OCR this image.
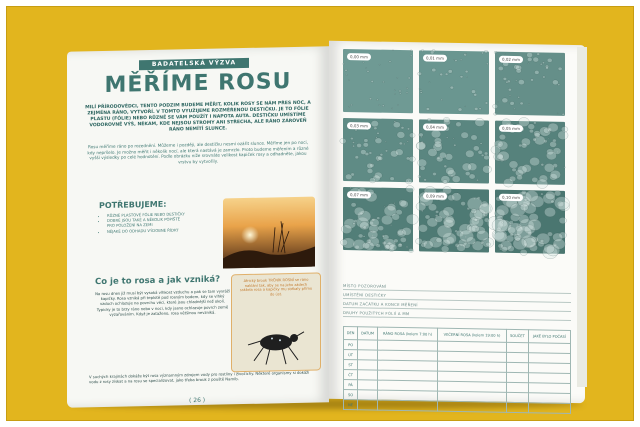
BADATELSKÁ VÝZVA
MĚŘÍME ROSU
MILÍ PŘÍRODOVĚDCI, TENTO PODZIM BUDEME MĚŘIT, KOLIK ROSY SE NÁM PŘES NOC, A ZEJMÉNA RÁNO, VYTVOŘÍ. V TOMTO VYUŽIJEME ROZMĚŘENOU DESTIČKU. JE TO FÓLIE PLASTU (FÓLIE) NEBO RŮZNĚ SE VÁM POUŽÍT I NAPOTA AUTA. DESTIČKU UMÍSTÍME VODOROVNĚ VÝŠ, NĚKAM, KDE NEJSOU STROMY ANI STŘECHA, ALE RÁNO ZÁROVEŇ RÁNO NEMÍTÍ SLUNCE.
Rosu měříme ráno po rozednění. Můžeme i později, ale destičku nesmí ozářit slunce. Měříme jen po noci, kdy nepršelo. Je možno měřit i několik nocí, ale která nastává je zamrzlo. Proto budeme měřením a různé vyšší výsledky po celé hodnotění. Podle obrázku níže srovnáte velikost kapiček rosy a odhadněte, jakou vrstvu by vytvořily.
POTŘEBUJEME:
• RŮZNÉ PLASTOVÉ FÓLIE NEBO DESTIČKY
• DOBRÉ JSOU TAKÉ A NĚKOLIK POPIŠTĚ PRO POLOŽENÍ NA ZEMI
• NĚJAKÉ DO ODHADU VÝDOBNÉ ŘÍDKÝ
Co je to rosa a jak vzniká?
Na rosu dnes již musí být vysoká vlhkost vzduchu a pak se tam vysráží kapičky. Rosa vzniká při teplotě pod rosným bodem, kdy se vlhký vzduch ochlazuje na povrchu věcí, které jsou chladnější než okolí. Typicky je to brzy ráno nebo v noci, kdy jasno ochlazuje povrch země vyzařováním. Když je zataženo, rosa většinou nevzniká.
Africký brouk TRČNÍK ROSNÍ se ráno naklání tak, aby se na jeho zádech srážela rosa a kapičky mu stékaly přímo do úst.
V suchých krajinách dokáže být rosa významným zdrojem vody pro rostliny i živočichy. Některé organismy si dokáží vodu z rosy získat a na rosu se specializovat, jako třeba brouk z pouště Namib.
( 26 )
0,00 mm	0,01 mm	0,02 mm
0,03 mm	0,04 mm	0,05 mm
0,07 mm	0,09 mm	0,10 mm
MÍSTO POZOROVÁNÍ
UMÍSTĚNÍ DESTIČKY
DATUM ZAČÁTKU A KONCE MĚŘENÍ
DRUHY POUŽITÝCH FÓLIÍ A MM
DEN	DATUM	RÁNO ROSA (kolem 7:00 h)	VEČERNÍ ROSA (kolem 19:00 h)	SOUČET	JAKÉ BYLO POČASÍ
PO					
ÚT					
ST					
ČT					
PÁ					
SO					
NE					
